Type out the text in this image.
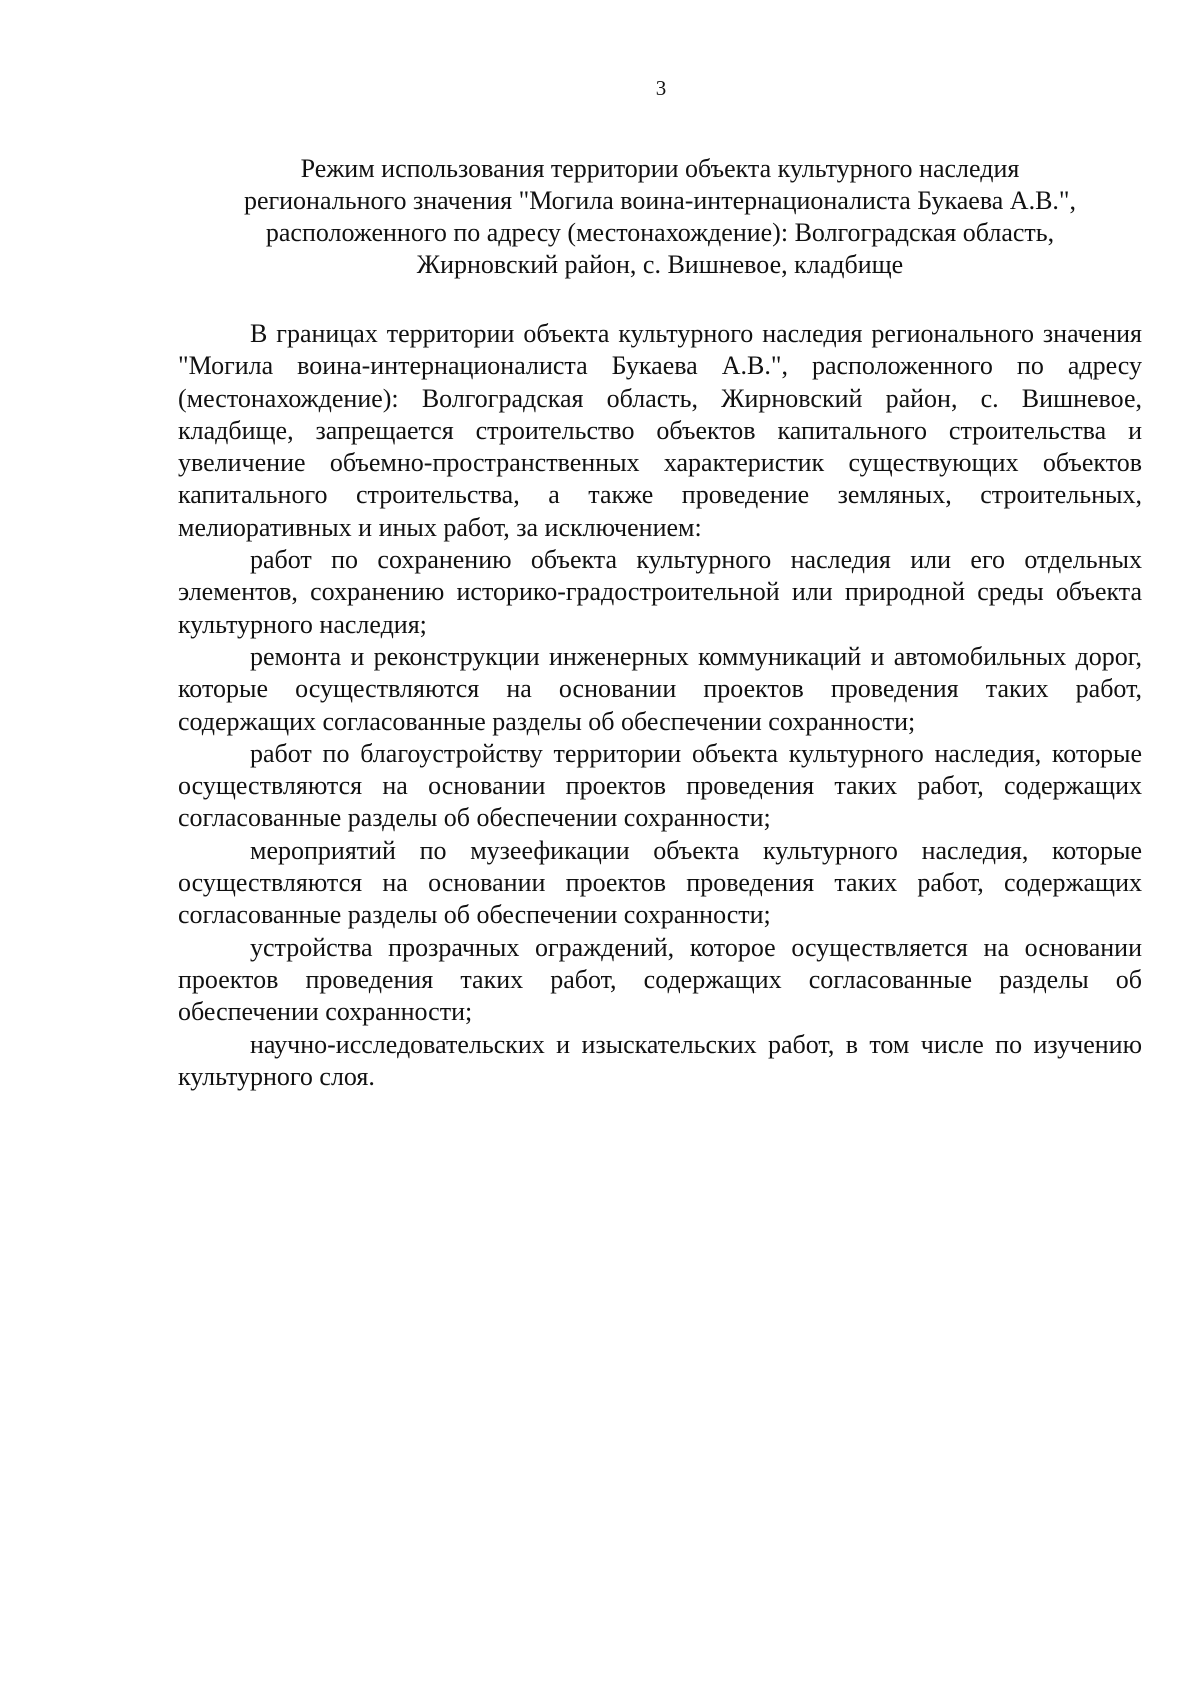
3
Режим использования территории объекта культурного наследия
регионального значения "Могила воина-интернационалиста Букаева А.В.",
расположенного по адресу (местонахождение): Волгоградская область,
Жирновский район, с. Вишневое, кладбище

В границах территории объекта культурного наследия регионального значения "Могила воина-интернационалиста Букаева А.В.", расположенного по адресу (местонахождение): Волгоградская область, Жирновский район, с. Вишневое, кладбище, запрещается строительство объектов капитального строительства и увеличение объемно-пространственных характеристик существующих объектов капитального строительства, а также проведение земляных, строительных, мелиоративных и иных работ, за исключением:

работ по сохранению объекта культурного наследия или его отдельных элементов, сохранению историко-градостроительной или природной среды объекта культурного наследия;

ремонта и реконструкции инженерных коммуникаций и автомобильных дорог, которые осуществляются на основании проектов проведения таких работ, содержащих согласованные разделы об обеспечении сохранности;

работ по благоустройству территории объекта культурного наследия, которые осуществляются на основании проектов проведения таких работ, содержащих согласованные разделы об обеспечении сохранности;

мероприятий по музеефикации объекта культурного наследия, которые осуществляются на основании проектов проведения таких работ, содержащих согласованные разделы об обеспечении сохранности;

устройства прозрачных ограждений, которое осуществляется на основании проектов проведения таких работ, содержащих согласованные разделы об обеспечении сохранности;

научно-исследовательских и изыскательских работ, в том числе по изучению культурного слоя.
